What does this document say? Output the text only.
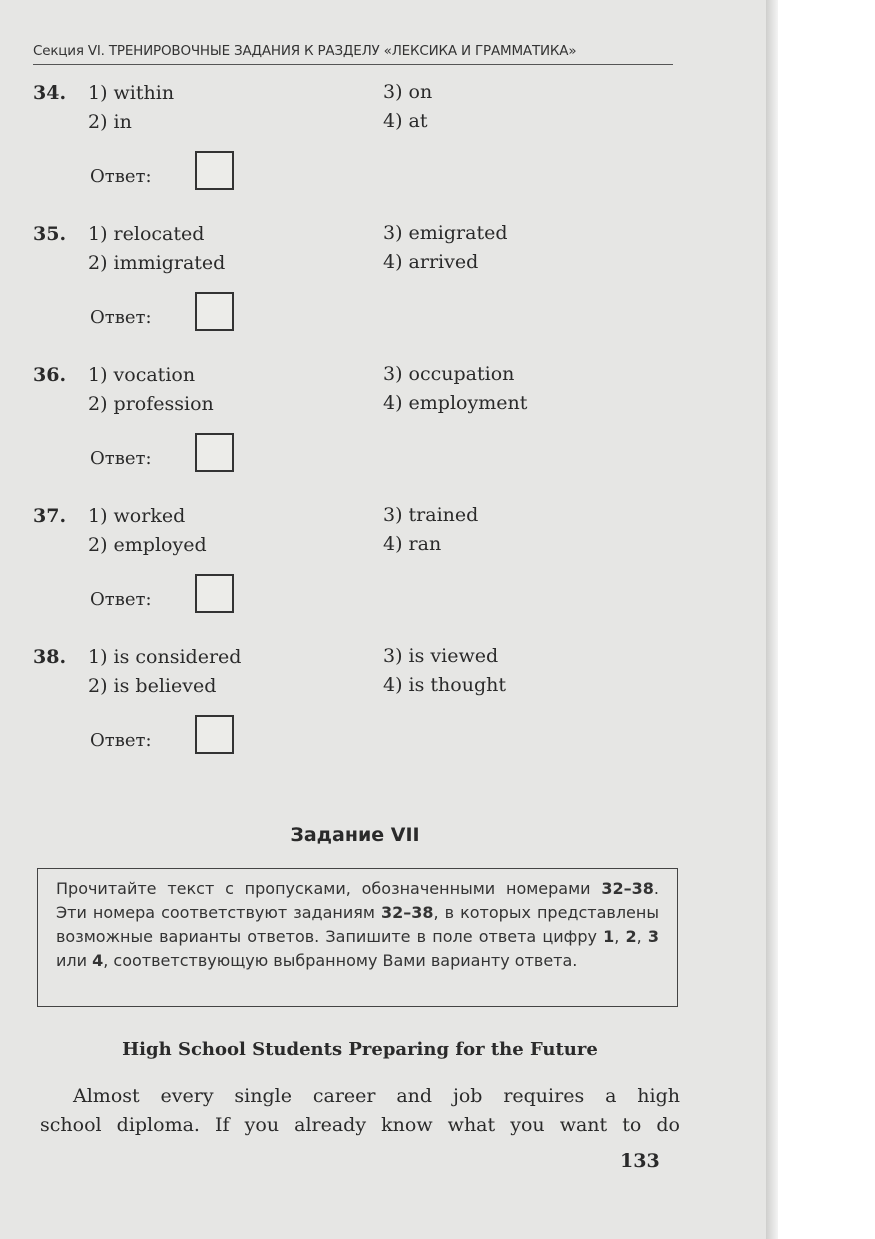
Секция VI. ТРЕНИРОВОЧНЫЕ ЗАДАНИЯ К РАЗДЕЛУ «ЛЕКСИКА И ГРАММАТИКА»
34. 1) within
2) in
3) on
4) at
Ответ:
35. 1) relocated
2) immigrated
3) emigrated
4) arrived
Ответ:
36. 1) vocation
2) profession
3) occupation
4) employment
Ответ:
37. 1) worked
2) employed
3) trained
4) ran
Ответ:
38. 1) is considered
2) is believed
3) is viewed
4) is thought
Ответ:
Задание VII
Прочитайте текст с пропусками, обозначенными номерами 32–38. Эти номера соответствуют заданиям 32–38, в которых представлены возможные варианты ответов. Запишите в поле ответа цифру 1, 2, 3 или 4, соответствующую выбранному Вами варианту ответа.
High School Students Preparing for the Future
Almost every single career and job requires a high
school diploma. If you already know what you want to do
133
